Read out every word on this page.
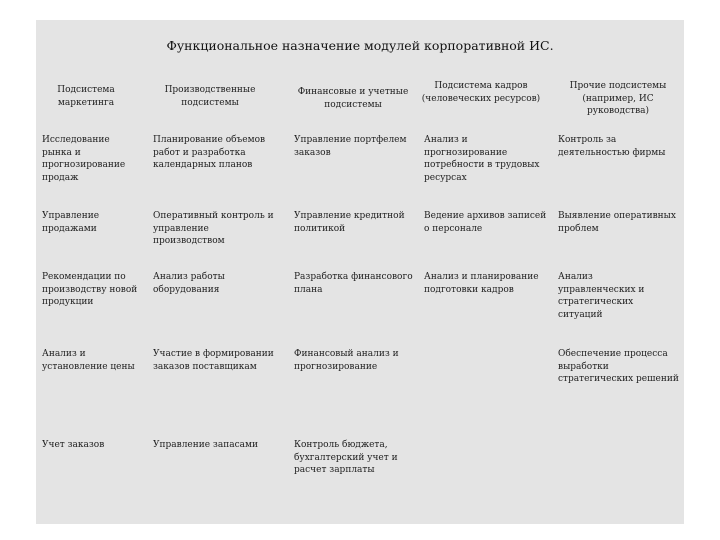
Функциональное назначение модулей корпоративной ИС.
Подсистема маркетинга
Производственные подсистемы
Финансовые и учетные подсистемы
Подсистема кадров (человеческих ресурсов)
Прочие подсистемы (например, ИС руководства)
Исследование рынка и прогнозирование продаж
Управление продажами
Рекомендации по производству новой продукции
Анализ и установление цены
Учет заказов
Планирование объемов работ и разработка календарных планов
Оперативный контроль и управление производством
Анализ работы оборудования
Участие в формировании заказов поставщикам
Управление запасами
Управление портфелем заказов
Управление кредитной политикой
Разработка финансового плана
Финансовый анализ и прогнозирование
Контроль бюджета, бухгалтерский учет и расчет зарплаты
Анализ и прогнозирование потребности в трудовых ресурсах
Ведение архивов записей о персонале
Анализ и планирование подготовки кадров
Контроль за деятельностью фирмы
Выявление оперативных проблем
Анализ управленческих и стратегических ситуаций
Обеспечение процесса выработки стратегических решений
